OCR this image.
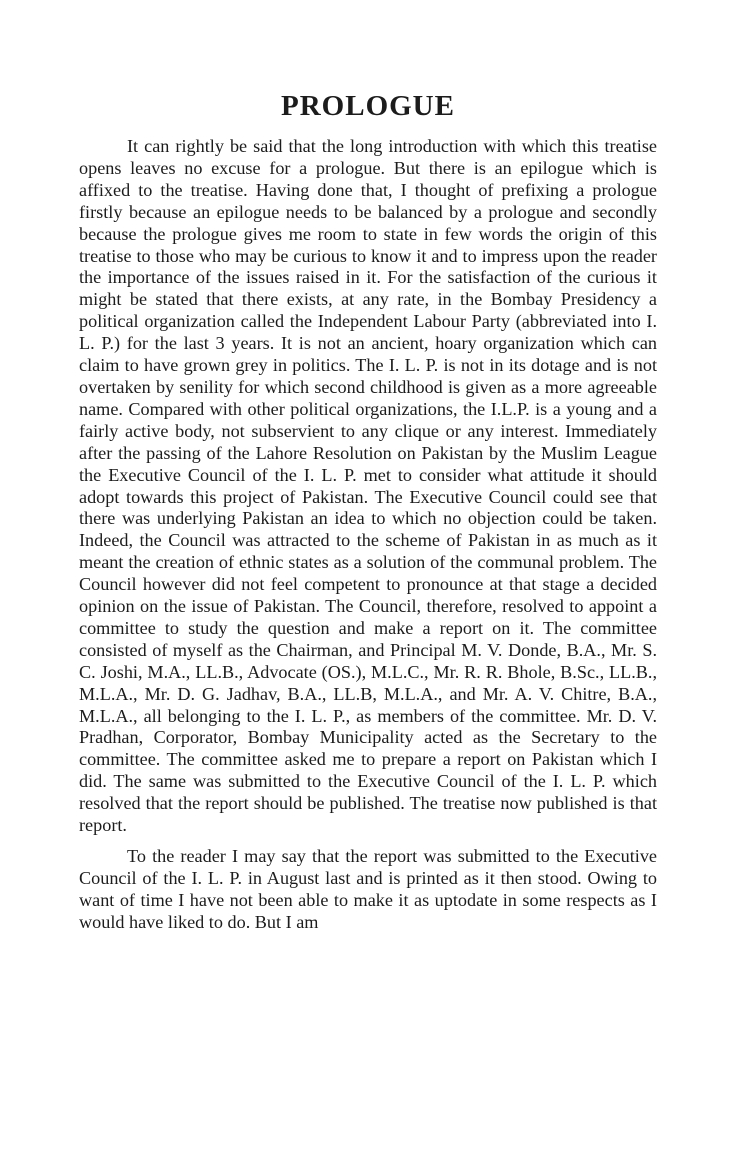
PROLOGUE

It can rightly be said that the long introduction with which this treatise opens leaves no excuse for a prologue. But there is an epilogue which is affixed to the treatise. Having done that, I thought of prefixing a prologue firstly because an epilogue needs to be balanced by a prologue and secondly because the prologue gives me room to state in few words the origin of this treatise to those who may be curious to know it and to impress upon the reader the importance of the issues raised in it. For the satisfaction of the curious it might be stated that there exists, at any rate, in the Bombay Presidency a political organization called the Independent Labour Party (abbreviated into I. L. P.) for the last 3 years. It is not an ancient, hoary organization which can claim to have grown grey in politics. The I. L. P. is not in its dotage and is not overtaken by senility for which second childhood is given as a more agreeable name. Compared with other political organizations, the I.L.P. is a young and a fairly active body, not subservient to any clique or any interest. Immediately after the passing of the Lahore Resolution on Pakistan by the Muslim League the Executive Council of the I. L. P. met to consider what attitude it should adopt towards this project of Pakistan. The Executive Council could see that there was underlying Pakistan an idea to which no objection could be taken. Indeed, the Council was attracted to the scheme of Pakistan in as much as it meant the creation of ethnic states as a solution of the communal problem. The Council however did not feel competent to pronounce at that stage a decided opinion on the issue of Pakistan. The Council, therefore, resolved to appoint a committee to study the question and make a report on it. The committee consisted of myself as the Chairman, and Principal M. V. Donde, B.A., Mr. S. C. Joshi, M.A., LL.B., Advocate (OS.), M.L.C., Mr. R. R. Bhole, B.Sc., LL.B., M.L.A., Mr. D. G. Jadhav, B.A., LL.B, M.L.A., and Mr. A. V. Chitre, B.A., M.L.A., all belonging to the I. L. P., as members of the committee. Mr. D. V. Pradhan, Corporator, Bombay Municipality acted as the Secretary to the committee. The committee asked me to prepare a report on Pakistan which I did. The same was submitted to the Executive Council of the I. L. P. which resolved that the report should be published. The treatise now published is that report.

To the reader I may say that the report was submitted to the Executive Council of the I. L. P. in August last and is printed as it then stood. Owing to want of time I have not been able to make it as uptodate in some respects as I would have liked to do. But I am
